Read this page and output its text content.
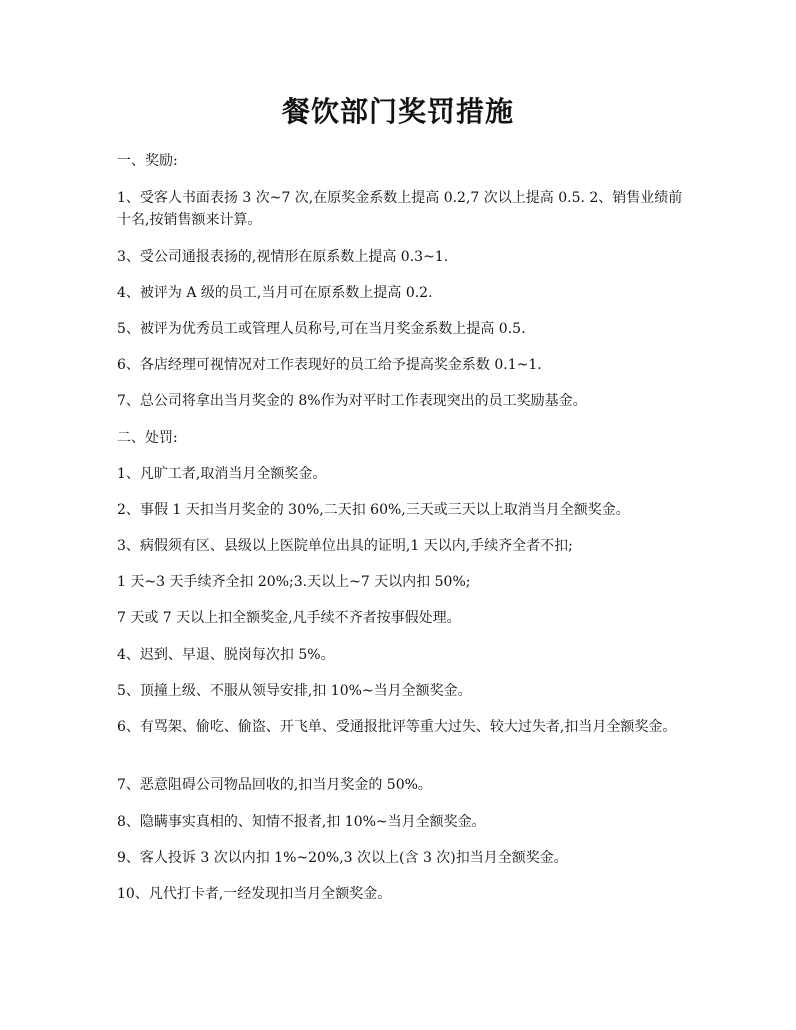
餐饮部门奖罚措施
一、奖励:
1、受客人书面表扬 3 次~7 次,在原奖金系数上提高 0.2,7 次以上提高 0.5. 2、销售业绩前十名,按销售额来计算。
3、受公司通报表扬的,视情形在原系数上提高 0.3~1.
4、被评为 A 级的员工,当月可在原系数上提高 0.2.
5、被评为优秀员工或管理人员称号,可在当月奖金系数上提高 0.5.
6、各店经理可视情况对工作表现好的员工给予提高奖金系数 0.1~1.
7、总公司将拿出当月奖金的 8%作为对平时工作表现突出的员工奖励基金。
二、处罚:
1、凡旷工者,取消当月全额奖金。
2、事假 1 天扣当月奖金的 30%,二天扣 60%,三天或三天以上取消当月全额奖金。
3、病假须有区、县级以上医院单位出具的证明,1 天以内,手续齐全者不扣;
1 天~3 天手续齐全扣 20%;3.天以上~7 天以内扣 50%;
7 天或 7 天以上扣全额奖金,凡手续不齐者按事假处理。
4、迟到、早退、脱岗每次扣 5%。
5、顶撞上级、不服从领导安排,扣 10%~当月全额奖金。
6、有骂架、偷吃、偷盗、开飞单、受通报批评等重大过失、较大过失者,扣当月全额奖金。
7、恶意阻碍公司物品回收的,扣当月奖金的 50%。
8、隐瞒事实真相的、知情不报者,扣 10%~当月全额奖金。
9、客人投诉 3 次以内扣 1%~20%,3 次以上(含 3 次)扣当月全额奖金。
10、凡代打卡者,一经发现扣当月全额奖金。
